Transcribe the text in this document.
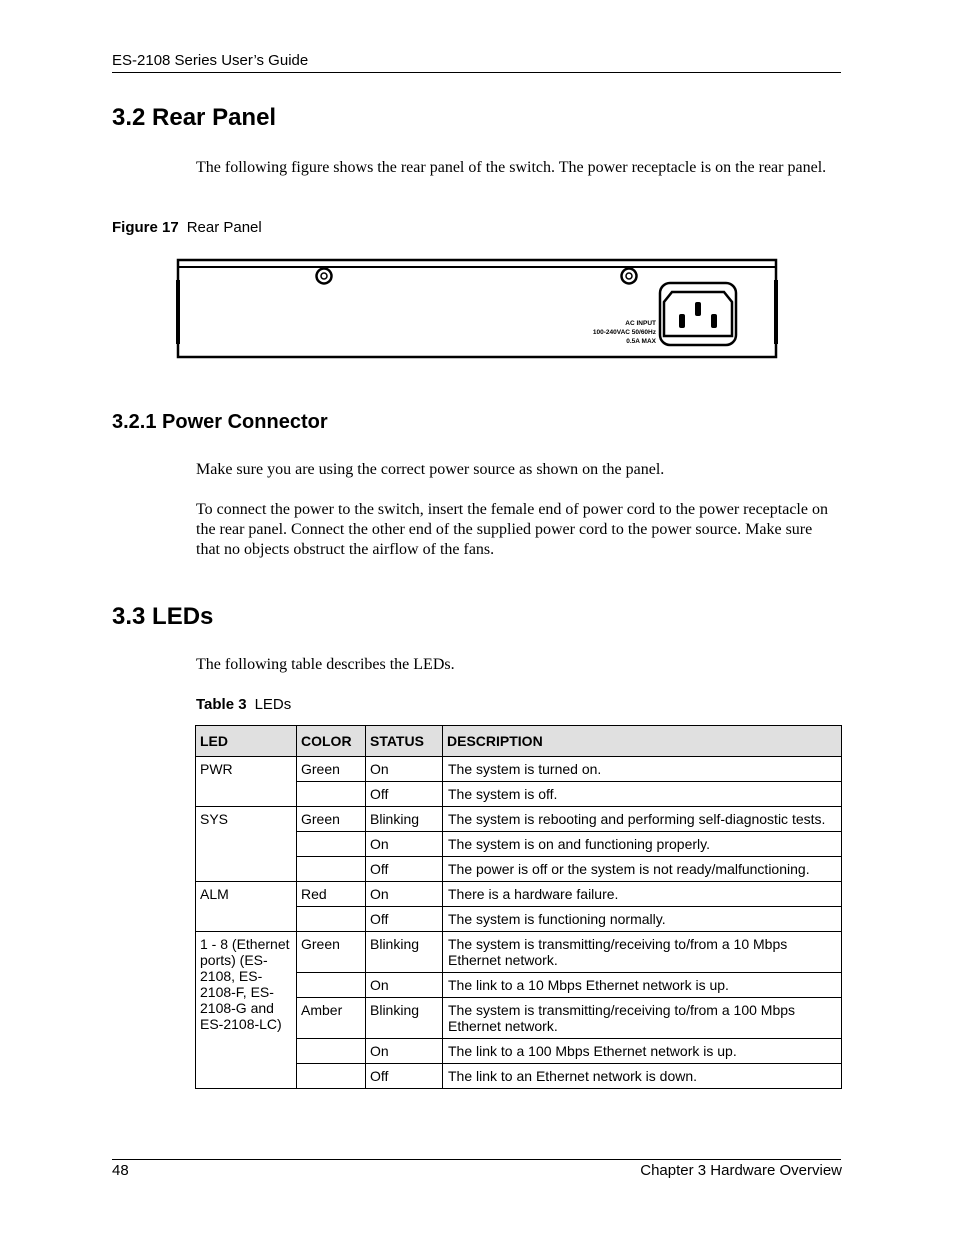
ES-2108 Series User’s Guide
3.2 Rear Panel

The following figure shows the rear panel of the switch. The power receptacle is on the rear panel.

Figure 17 Rear Panel
AC INPUT
100-240VAC 50/60Hz
0.5A MAX
3.2.1 Power Connector

Make sure you are using the correct power source as shown on the panel.

To connect the power to the switch, insert the female end of power cord to the power receptacle on the rear panel. Connect the other end of the supplied power cord to the power source. Make sure that no objects obstruct the airflow of the fans.

3.3 LEDs

The following table describes the LEDs.

Table 3 LEDs
LED	COLOR	STATUS	DESCRIPTION
PWR	Green	On	The system is turned on.
		Off	The system is off.
SYS	Green	Blinking	The system is rebooting and performing self-diagnostic tests.
		On	The system is on and functioning properly.
		Off	The power is off or the system is not ready/malfunctioning.
ALM	Red	On	There is a hardware failure.
		Off	The system is functioning normally.
1 - 8 (Ethernet ports) (ES-2108, ES-2108-F, ES-2108-G and ES-2108-LC)	Green	Blinking	The system is transmitting/receiving to/from a 10 Mbps Ethernet network.
		On	The link to a 10 Mbps Ethernet network is up.
	Amber	Blinking	The system is transmitting/receiving to/from a 100 Mbps Ethernet network.
		On	The link to a 100 Mbps Ethernet network is up.
		Off	The link to an Ethernet network is down.
48	Chapter 3 Hardware Overview
